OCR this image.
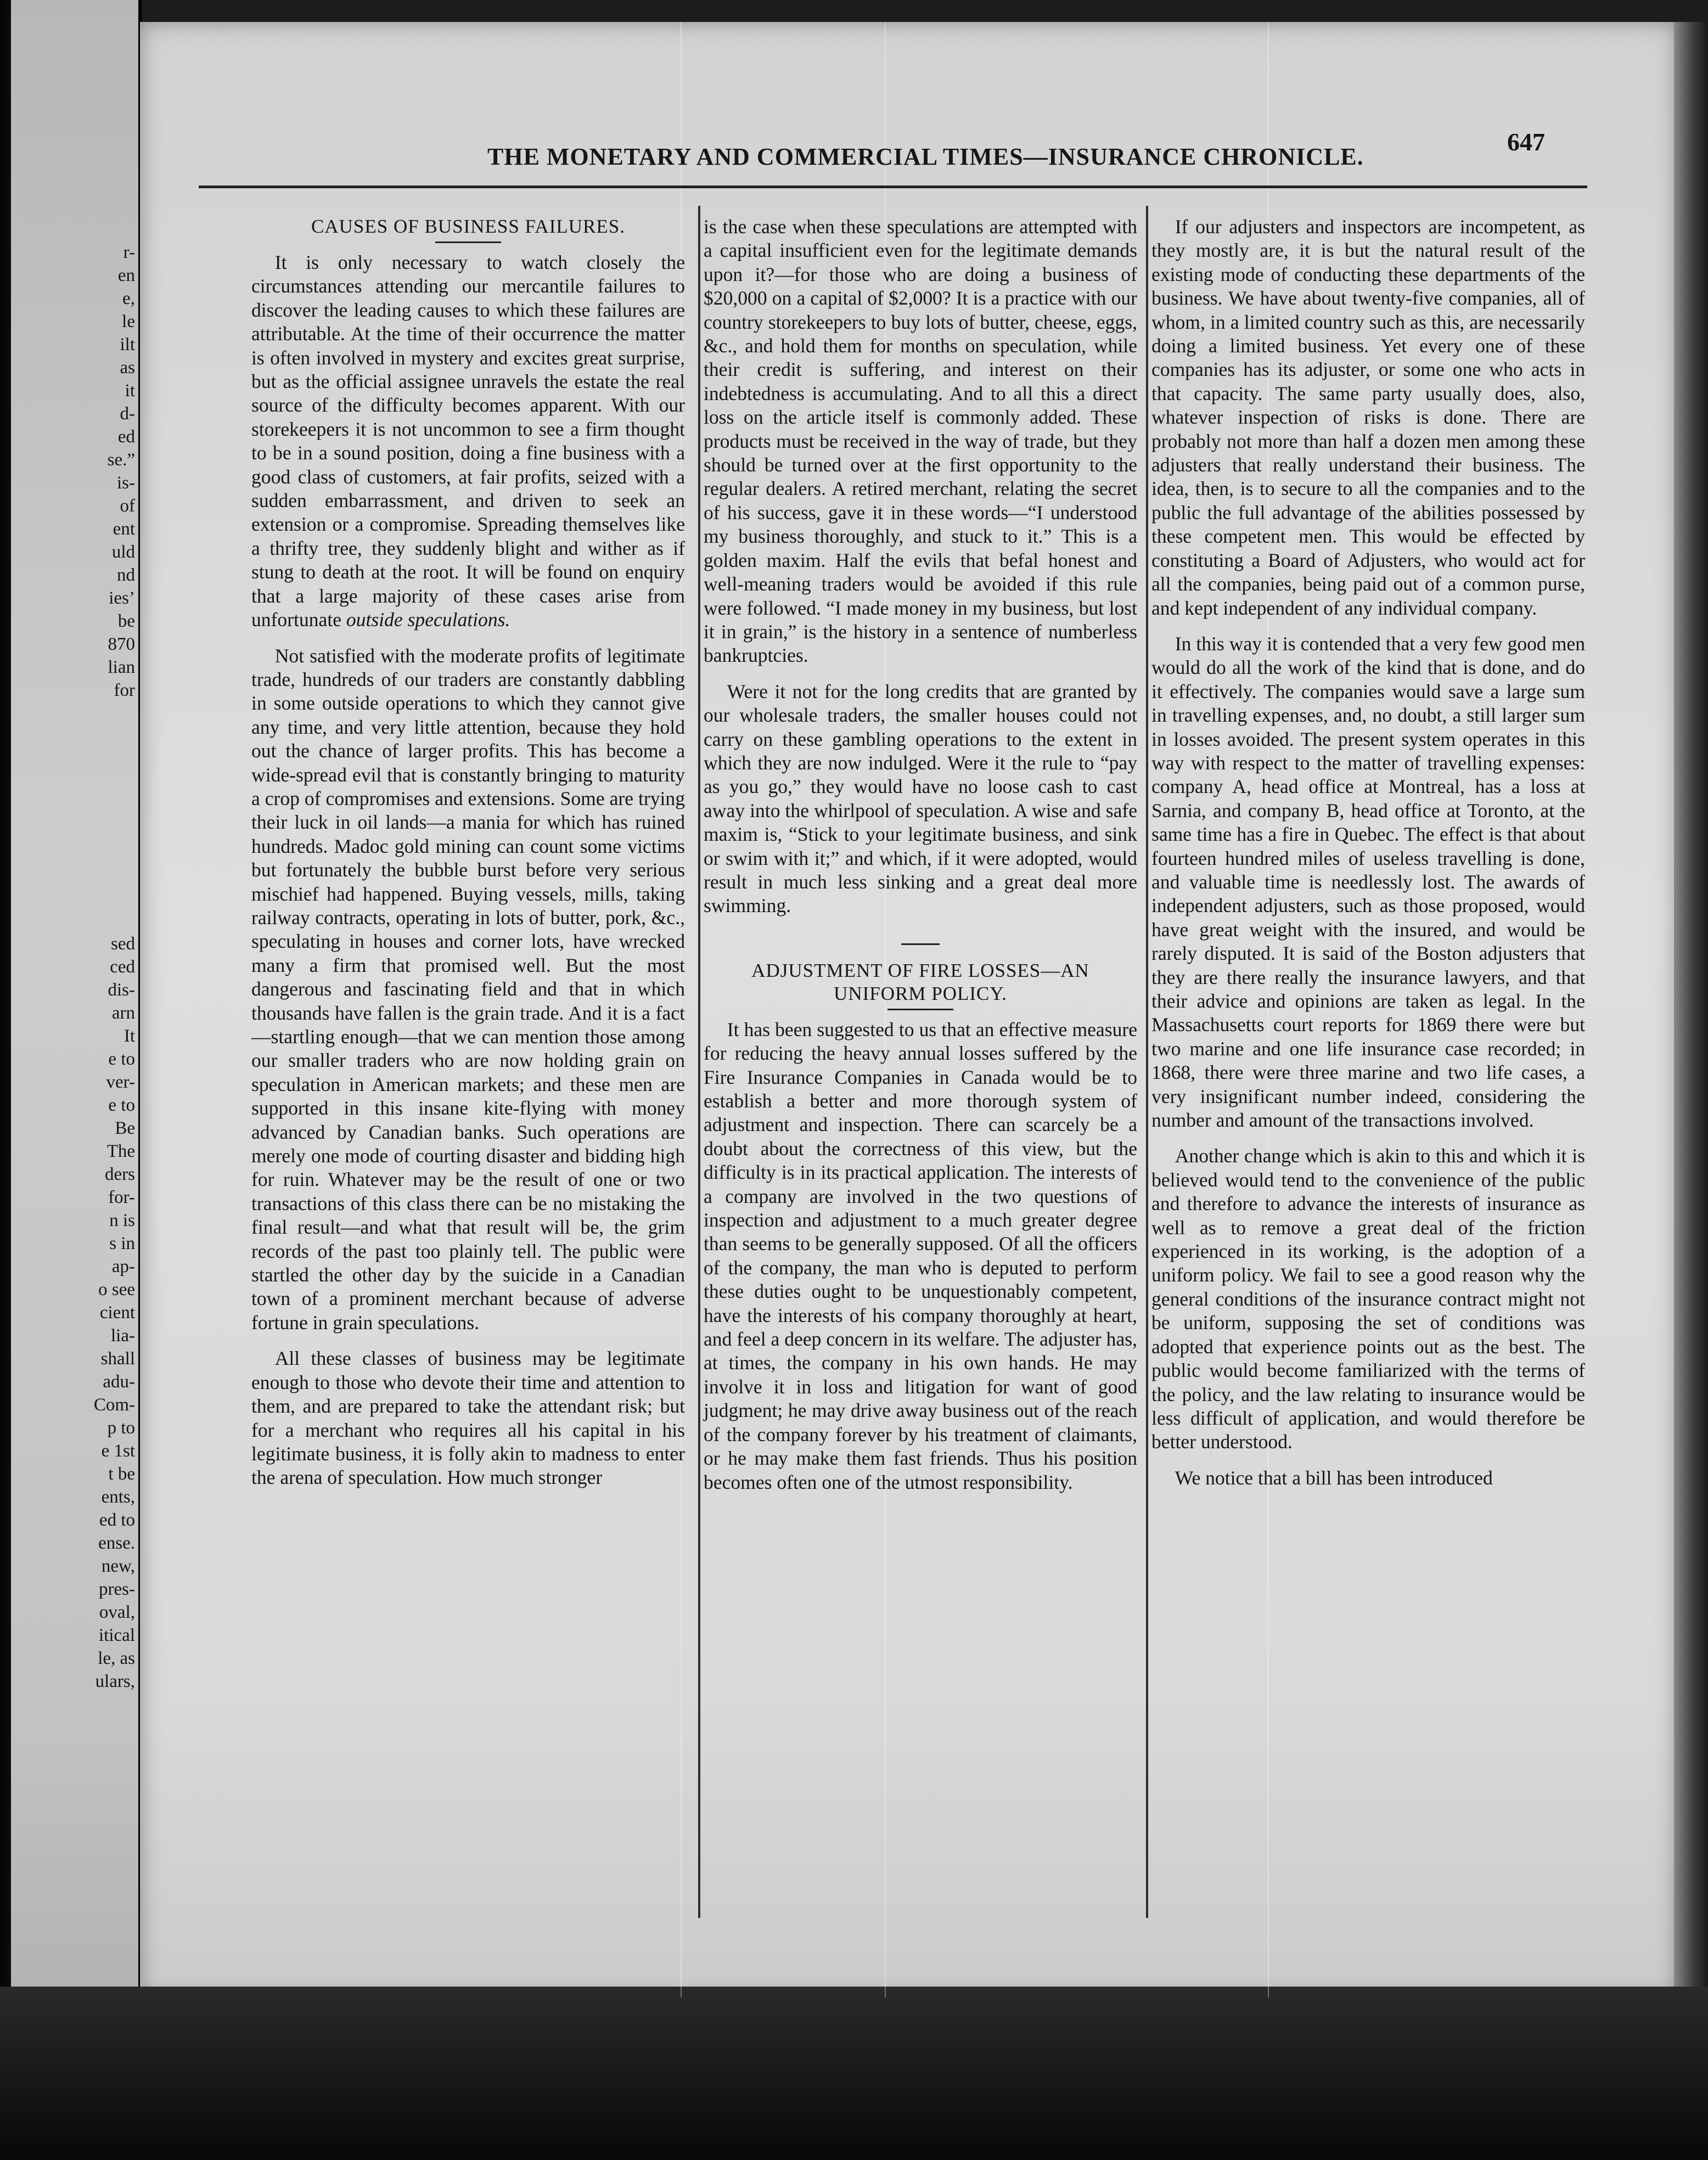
r-
en
e,
le
ilt
as
it
d-
ed
se.”
is-
of
ent
uld
nd
ies’
be
870
lian
for
sed
ced
dis-
arn
It
e to
ver-
e to
Be
The
ders
for-
n is
s in
ap-
o see
cient
lia-
shall
adu-
Com-
p to
e 1st
t be
ents,
ed to
ense.
new,
pres-
oval,
itical
le, as
ulars,
THE MONETARY AND COMMERCIAL TIMES—INSURANCE CHRONICLE.
647
CAUSES OF BUSINESS FAILURES.

It is only necessary to watch closely the circumstances attending our mercantile failures to discover the leading causes to which these failures are attributable. At the time of their occurrence the matter is often involved in mystery and excites great surprise, but as the official assignee unravels the estate the real source of the difficulty becomes apparent. With our storekeepers it is not uncommon to see a firm thought to be in a sound position, doing a fine business with a good class of customers, at fair profits, seized with a sudden embarrassment, and driven to seek an extension or a compromise. Spreading themselves like a thrifty tree, they suddenly blight and wither as if stung to death at the root. It will be found on enquiry that a large majority of these cases arise from unfortunate outside speculations.

Not satisfied with the moderate profits of legitimate trade, hundreds of our traders are constantly dabbling in some outside operations to which they cannot give any time, and very little attention, because they hold out the chance of larger profits. This has become a wide-spread evil that is constantly bringing to maturity a crop of compromises and extensions. Some are trying their luck in oil lands—a mania for which has ruined hundreds. Madoc gold mining can count some victims but fortunately the bubble burst before very serious mischief had happened. Buying vessels, mills, taking railway contracts, operating in lots of butter, pork, &c., speculating in houses and corner lots, have wrecked many a firm that promised well. But the most dangerous and fascinating field and that in which thousands have fallen is the grain trade. And it is a fact—startling enough—that we can mention those among our smaller traders who are now holding grain on speculation in American markets; and these men are supported in this insane kite-flying with money advanced by Canadian banks. Such operations are merely one mode of courting disaster and bidding high for ruin. Whatever may be the result of one or two transactions of this class there can be no mistaking the final result—and what that result will be, the grim records of the past too plainly tell. The public were startled the other day by the suicide in a Canadian town of a prominent merchant because of adverse fortune in grain speculations.

All these classes of business may be legitimate enough to those who devote their time and attention to them, and are prepared to take the attendant risk; but for a merchant who requires all his capital in his legitimate business, it is folly akin to madness to enter the arena of speculation. How much stronger

is the case when these speculations are attempted with a capital insufficient even for the legitimate demands upon it?—for those who are doing a business of $20,000 on a capital of $2,000? It is a practice with our country storekeepers to buy lots of butter, cheese, eggs, &c., and hold them for months on speculation, while their credit is suffering, and interest on their indebtedness is accumulating. And to all this a direct loss on the article itself is commonly added. These products must be received in the way of trade, but they should be turned over at the first opportunity to the regular dealers. A retired merchant, relating the secret of his success, gave it in these words—“I understood my business thoroughly, and stuck to it.” This is a golden maxim. Half the evils that befal honest and well-meaning traders would be avoided if this rule were followed. “I made money in my business, but lost it in grain,” is the history in a sentence of numberless bankruptcies.

Were it not for the long credits that are granted by our wholesale traders, the smaller houses could not carry on these gambling operations to the extent in which they are now indulged. Were it the rule to “pay as you go,” they would have no loose cash to cast away into the whirlpool of speculation. A wise and safe maxim is, “Stick to your legitimate business, and sink or swim with it;” and which, if it were adopted, would result in much less sinking and a great deal more swimming.

ADJUSTMENT OF FIRE LOSSES—AN UNIFORM POLICY.

It has been suggested to us that an effective measure for reducing the heavy annual losses suffered by the Fire Insurance Companies in Canada would be to establish a better and more thorough system of adjustment and inspection. There can scarcely be a doubt about the correctness of this view, but the difficulty is in its practical application. The interests of a company are involved in the two questions of inspection and adjustment to a much greater degree than seems to be generally supposed. Of all the officers of the company, the man who is deputed to perform these duties ought to be unquestionably competent, have the interests of his company thoroughly at heart, and feel a deep concern in its welfare. The adjuster has, at times, the company in his own hands. He may involve it in loss and litigation for want of good judgment; he may drive away business out of the reach of the company forever by his treatment of claimants, or he may make them fast friends. Thus his position becomes often one of the utmost responsibility.

If our adjusters and inspectors are incompetent, as they mostly are, it is but the natural result of the existing mode of conducting these departments of the business. We have about twenty-five companies, all of whom, in a limited country such as this, are necessarily doing a limited business. Yet every one of these companies has its adjuster, or some one who acts in that capacity. The same party usually does, also, whatever inspection of risks is done. There are probably not more than half a dozen men among these adjusters that really understand their business. The idea, then, is to secure to all the companies and to the public the full advantage of the abilities possessed by these competent men. This would be effected by constituting a Board of Adjusters, who would act for all the companies, being paid out of a common purse, and kept independent of any individual company.

In this way it is contended that a very few good men would do all the work of the kind that is done, and do it effectively. The companies would save a large sum in travelling expenses, and, no doubt, a still larger sum in losses avoided. The present system operates in this way with respect to the matter of travelling expenses: company A, head office at Montreal, has a loss at Sarnia, and company B, head office at Toronto, at the same time has a fire in Quebec. The effect is that about fourteen hundred miles of useless travelling is done, and valuable time is needlessly lost. The awards of independent adjusters, such as those proposed, would have great weight with the insured, and would be rarely disputed. It is said of the Boston adjusters that they are there really the insurance lawyers, and that their advice and opinions are taken as legal. In the Massachusetts court reports for 1869 there were but two marine and one life insurance case recorded; in 1868, there were three marine and two life cases, a very insignificant number indeed, considering the number and amount of the transactions involved.

Another change which is akin to this and which it is believed would tend to the convenience of the public and therefore to advance the interests of insurance as well as to remove a great deal of the friction experienced in its working, is the adoption of a uniform policy. We fail to see a good reason why the general conditions of the insurance contract might not be uniform, supposing the set of conditions was adopted that experience points out as the best. The public would become familiarized with the terms of the policy, and the law relating to insurance would be less difficult of application, and would therefore be better understood.

We notice that a bill has been introduced
